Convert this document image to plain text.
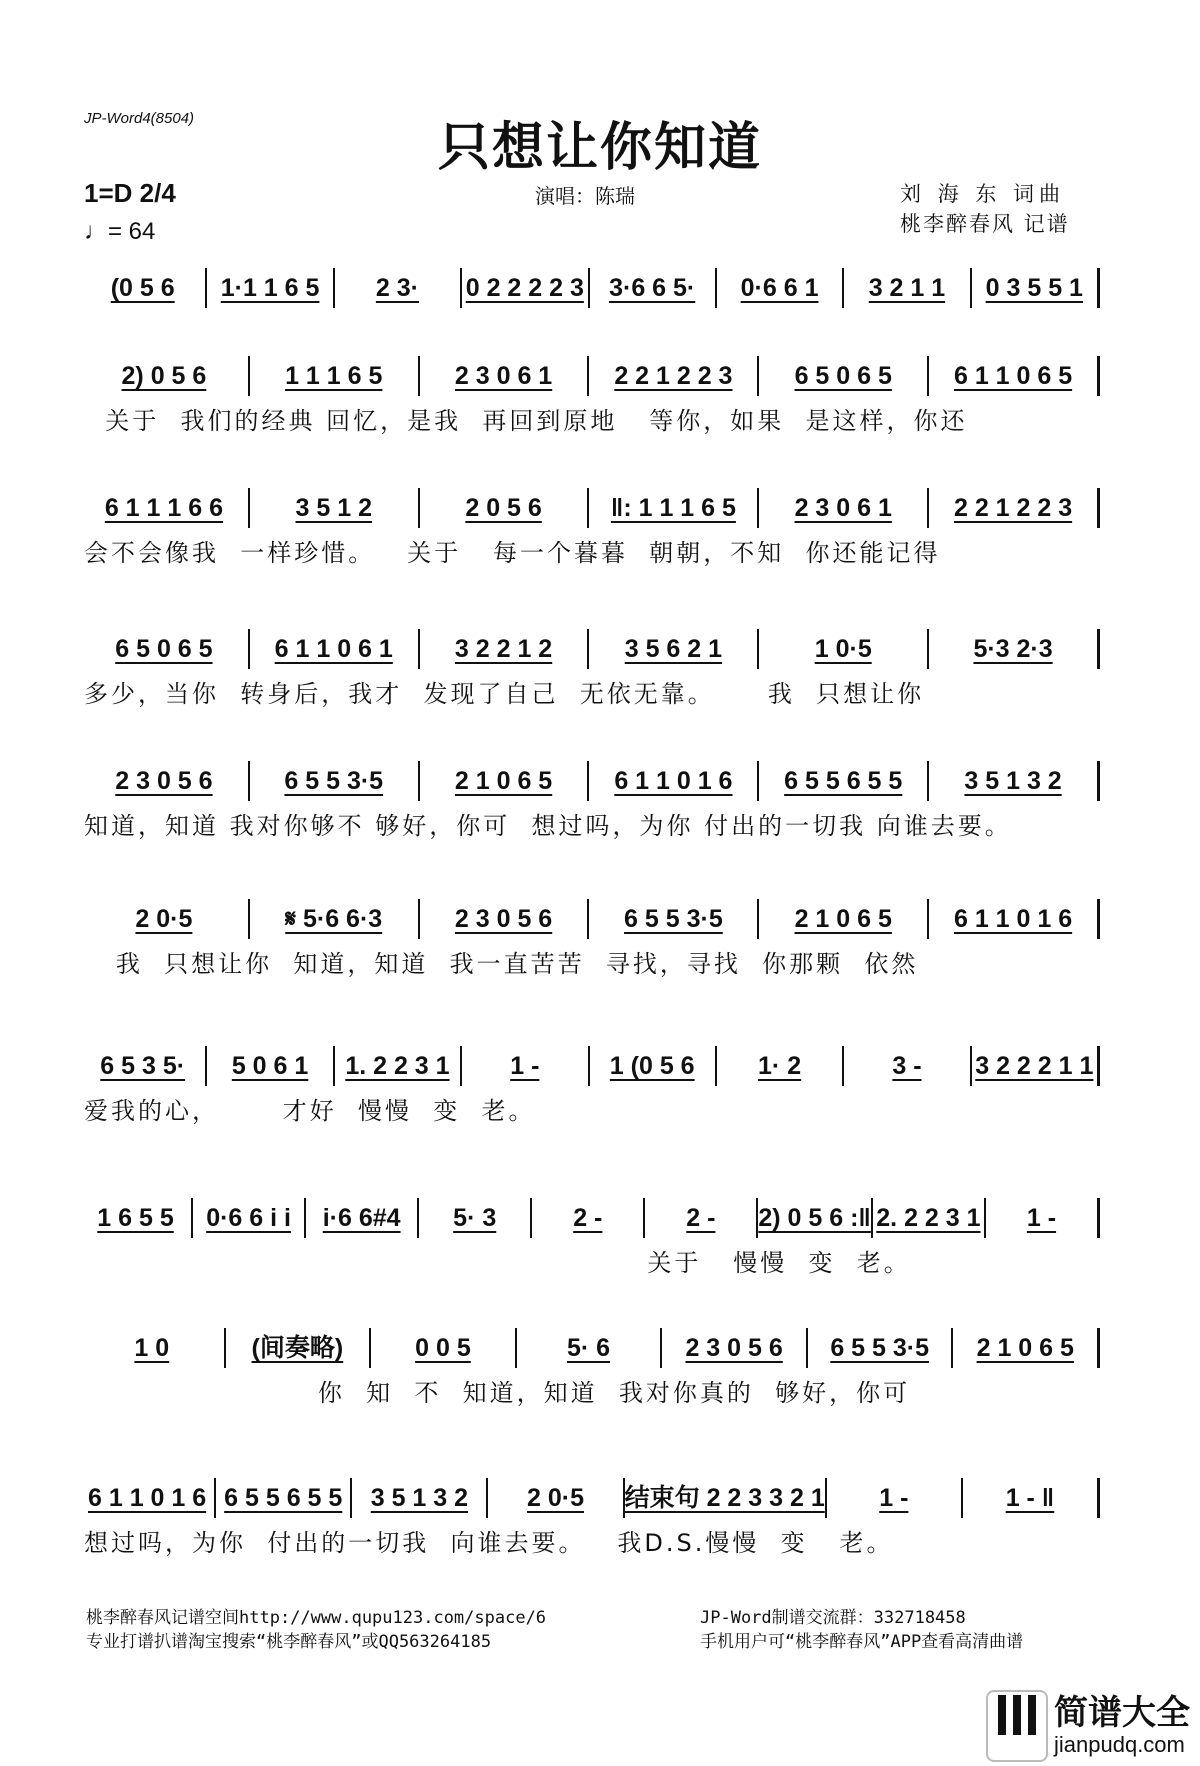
JP-Word4(8504)	只想让你知道
1=D 2/4
♩= 64
演唱：陈瑞	刘 海 东 词曲
桃李醉春风 记谱
(0 5 6	1·1 1 6 5	2 3·	0 2 2 2 2 3	3·6 6 5·	0·6 6 1	3 2 1 1	0 3 5 5 1
2) 0 5 6	1 1 1 6 5	2 3 0 6 1	2 2 1 2 2 3	6 5 0 6 5	6 1 1 0 6 5
关于  我们的经典 回忆，是我  再回到原地   等你，如果  是这样，你还
6 1 1 1 6 6	3 5 1 2	2 0 5 6	‖: 1 1 1 6 5	2 3 0 6 1	2 2 1 2 2 3
会不会像我  一样珍惜。   关于   每一个暮暮  朝朝，不知  你还能记得
6 5 0 6 5	6 1 1 0 6 1	3 2 2 1 2	3 5 6 2 1	1 0·5	5·3 2·3
多少，当你  转身后，我才  发现了自己  无依无靠。     我  只想让你
2 3 0 5 6	6 5 5 3·5	2 1 0 6 5	6 1 1 0 1 6	6 5 5 6 5 5	3 5 1 3 2
知道，知道 我对你够不 够好，你可  想过吗，为你 付出的一切我 向谁去要。
2 0·5	𝄋 5·6 6·3	2 3 0 5 6	6 5 5 3·5	2 1 0 6 5	6 1 1 0 1 6
我  只想让你  知道，知道  我一直苦苦  寻找，寻找  你那颗  依然
6 5 3 5·	5 0 6 1	1. 2 2 3 1	1 -	1 (0 5 6	1· 2	3 -	3 2 2 2 1 1
爱我的心，      才好  慢慢  变  老。
1 6 5 5	0·6 6 i i	i·6 6#4	5· 3	2 -	2 -	2) 0 5 6 :‖ 2. 2 2 3 1	1 -
关于   慢慢  变  老。
1 0	(间奏略)	0 0 5	5· 6	2 3 0 5 6	6 5 5 3·5	2 1 0 6 5
你  知  不  知道，知道  我对你真的  够好，你可
6 1 1 0 1 6 6 5 5 6 5 5	3 5 1 3 2	2 0·5	结束句 2 2 3 3 2 1	1 -	1 - ‖
想过吗，为你  付出的一切我  向谁去要。   我D.S.慢慢  变   老。
桃李醉春风记谱空间http://www.qupu123.com/space/6
专业打谱扒谱淘宝搜索“桃李醉春风”或QQ563264185
JP-Word制谱交流群：332718458
手机用户可“桃李醉春风”APP查看高清曲谱
简谱大全
jianpudq.com
